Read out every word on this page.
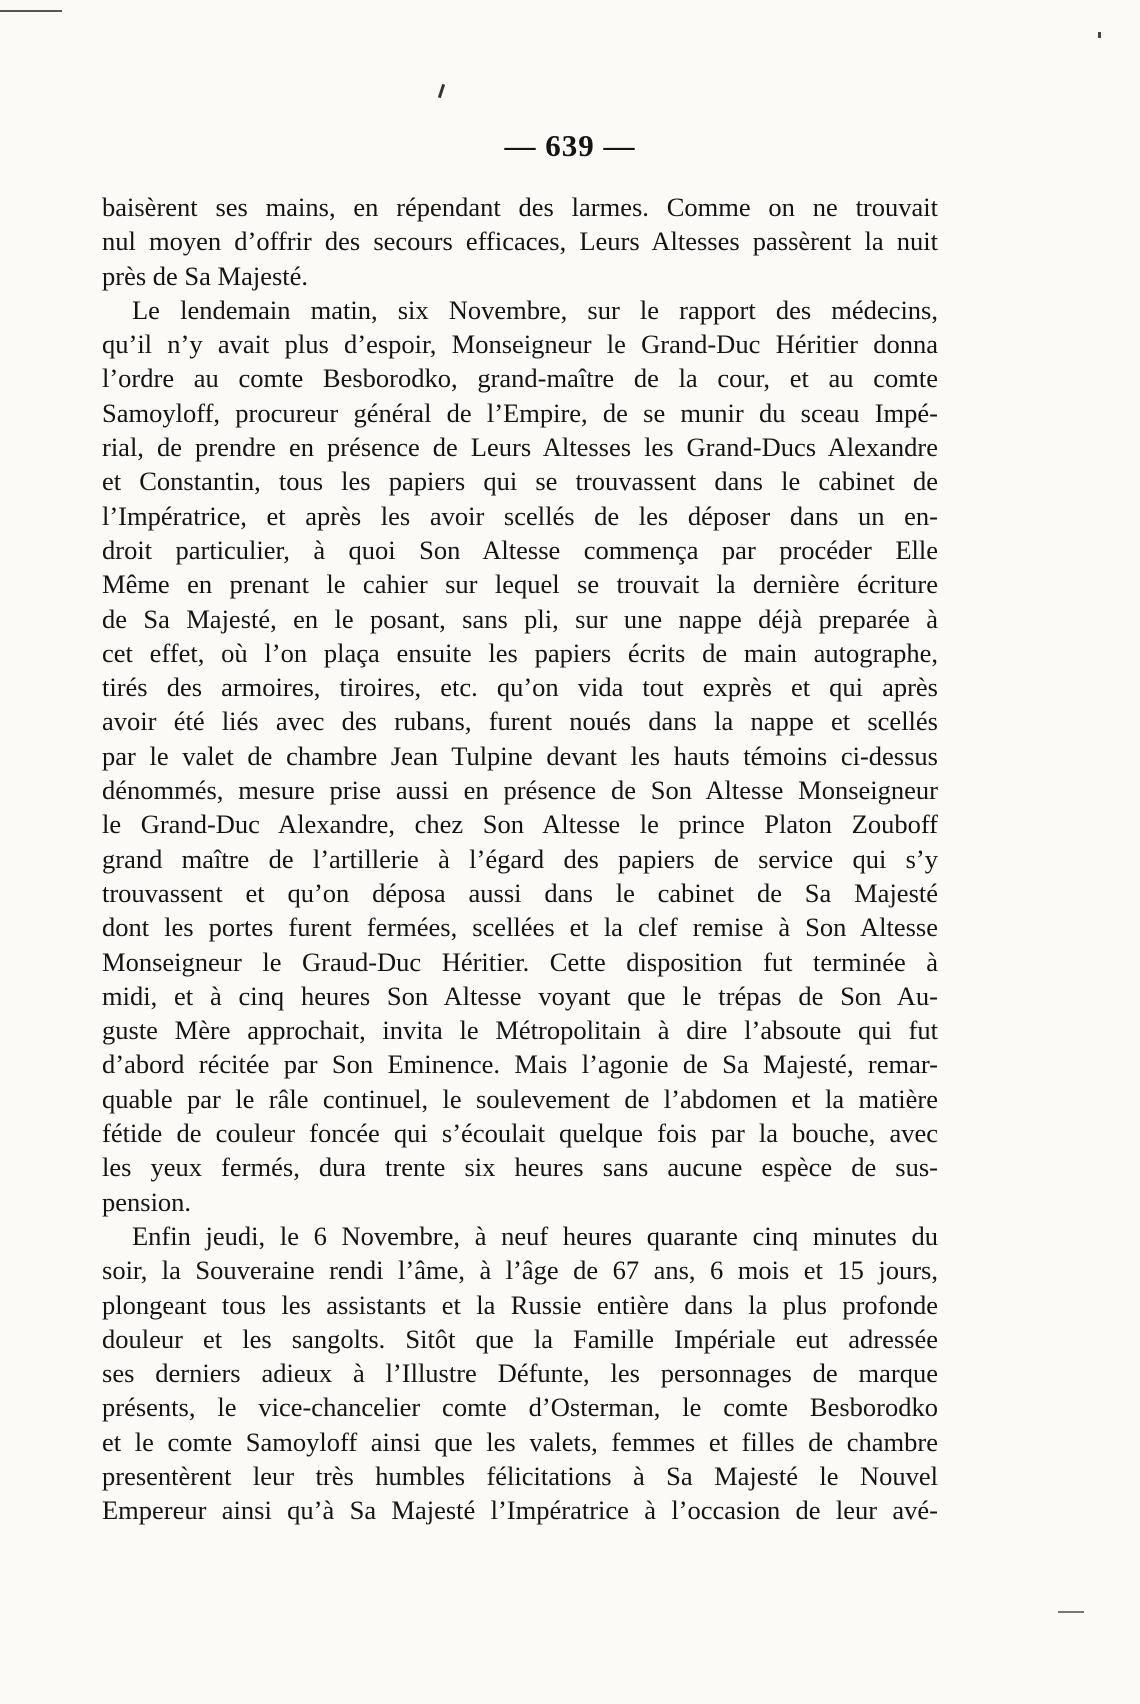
— 639 —

baisèrent ses mains, en répendant des larmes. Comme on ne trouvait

nul moyen d’offrir des secours efficaces, Leurs Altesses passèrent la nuit

près de Sa Majesté.

Le lendemain matin, six Novembre, sur le rapport des médecins,

qu’il n’y avait plus d’espoir, Monseigneur le Grand-Duc Héritier donna

l’ordre au comte Besborodko, grand-maître de la cour, et au comte

Samoyloff, procureur général de l’Empire, de se munir du sceau Impé-

rial, de prendre en présence de Leurs Altesses les Grand-Ducs Alexandre

et Constantin, tous les papiers qui se trouvassent dans le cabinet de

l’Impératrice, et après les avoir scellés de les déposer dans un en-

droit particulier, à quoi Son Altesse commença par procéder Elle

Même en prenant le cahier sur lequel se trouvait la dernière écriture

de Sa Majesté, en le posant, sans pli, sur une nappe déjà preparée à

cet effet, où l’on plaça ensuite les papiers écrits de main autographe,

tirés des armoires, tiroires, etc. qu’on vida tout exprès et qui après

avoir été liés avec des rubans, furent noués dans la nappe et scellés

par le valet de chambre Jean Tulpine devant les hauts témoins ci-dessus

dénommés, mesure prise aussi en présence de Son Altesse Monseigneur

le Grand-Duc Alexandre, chez Son Altesse le prince Platon Zouboff

grand maître de l’artillerie à l’égard des papiers de service qui s’y

trouvassent et qu’on déposa aussi dans le cabinet de Sa Majesté

dont les portes furent fermées, scellées et la clef remise à Son Altesse

Monseigneur le Graud-Duc Héritier. Cette disposition fut terminée à

midi, et à cinq heures Son Altesse voyant que le trépas de Son Au-

guste Mère approchait, invita le Métropolitain à dire l’absoute qui fut

d’abord récitée par Son Eminence. Mais l’agonie de Sa Majesté, remar-

quable par le râle continuel, le soulevement de l’abdomen et la matière

fétide de couleur foncée qui s’écoulait quelque fois par la bouche, avec

les yeux fermés, dura trente six heures sans aucune espèce de sus-

pension.

Enfin jeudi, le 6 Novembre, à neuf heures quarante cinq minutes du

soir, la Souveraine rendi l’âme, à l’âge de 67 ans, 6 mois et 15 jours,

plongeant tous les assistants et la Russie entière dans la plus profonde

douleur et les sangolts. Sitôt que la Famille Impériale eut adressée

ses derniers adieux à l’Illustre Défunte, les personnages de marque

présents, le vice-chancelier comte d’Osterman, le comte Besborodko

et le comte Samoyloff ainsi que les valets, femmes et filles de chambre

presentèrent leur très humbles félicitations à Sa Majesté le Nouvel

Empereur ainsi qu’à Sa Majesté l’Impératrice à l’occasion de leur avé-
